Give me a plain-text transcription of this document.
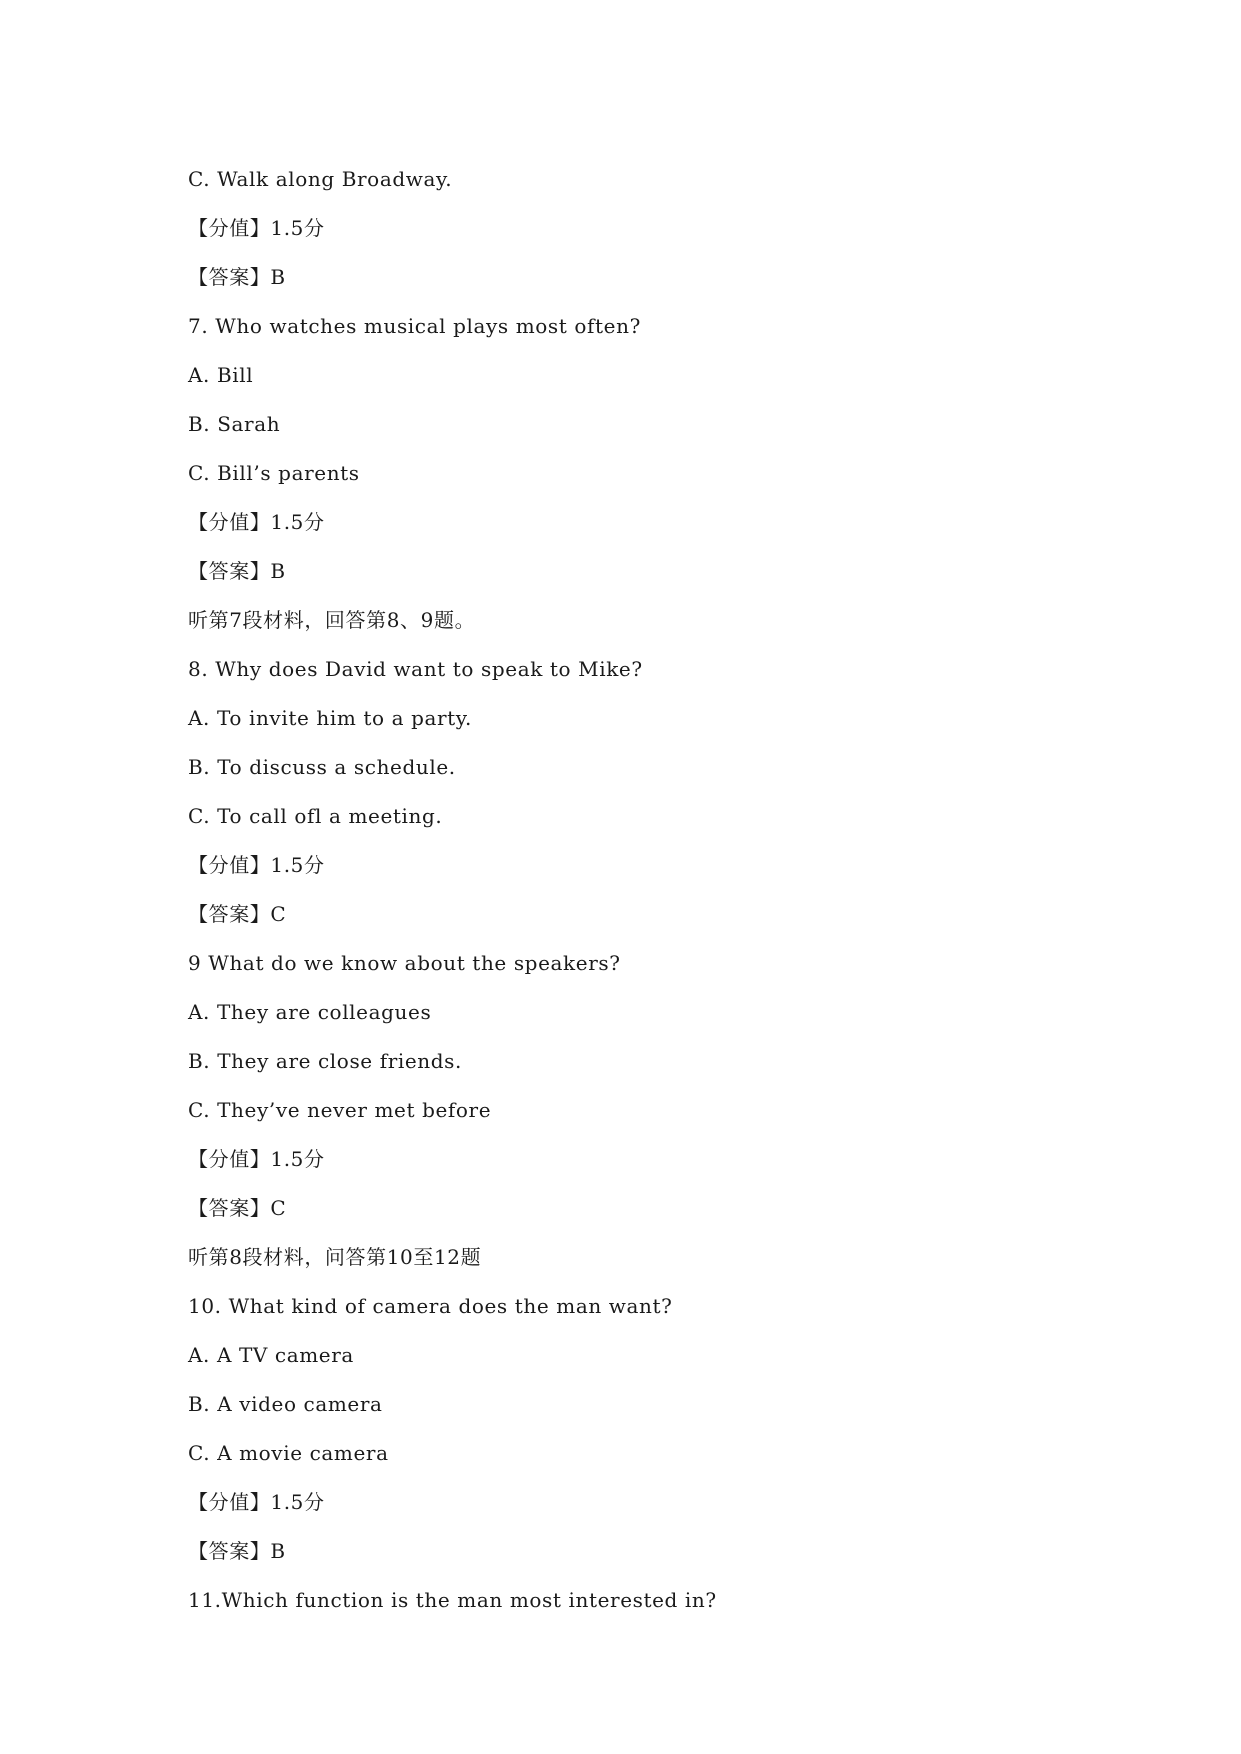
C. Walk along Broadway.
【分值】1.5分
【答案】B
7. Who watches musical plays most often?
A. Bill
B. Sarah
C. Bill’s parents
【分值】1.5分
【答案】B
听第7段材料，回答第8、9题。
8. Why does David want to speak to Mike?
A. To invite him to a party.
B. To discuss a schedule.
C. To call ofl a meeting.
【分值】1.5分
【答案】C
9 What do we know about the speakers?
A. They are colleagues
B. They are close friends.
C. They’ve never met before
【分值】1.5分
【答案】C
听第8段材料，问答第10至12题
10. What kind of camera does the man want?
A. A TV camera
B. A video camera
C. A movie camera
【分值】1.5分
【答案】B
11.Which function is the man most interested in?
